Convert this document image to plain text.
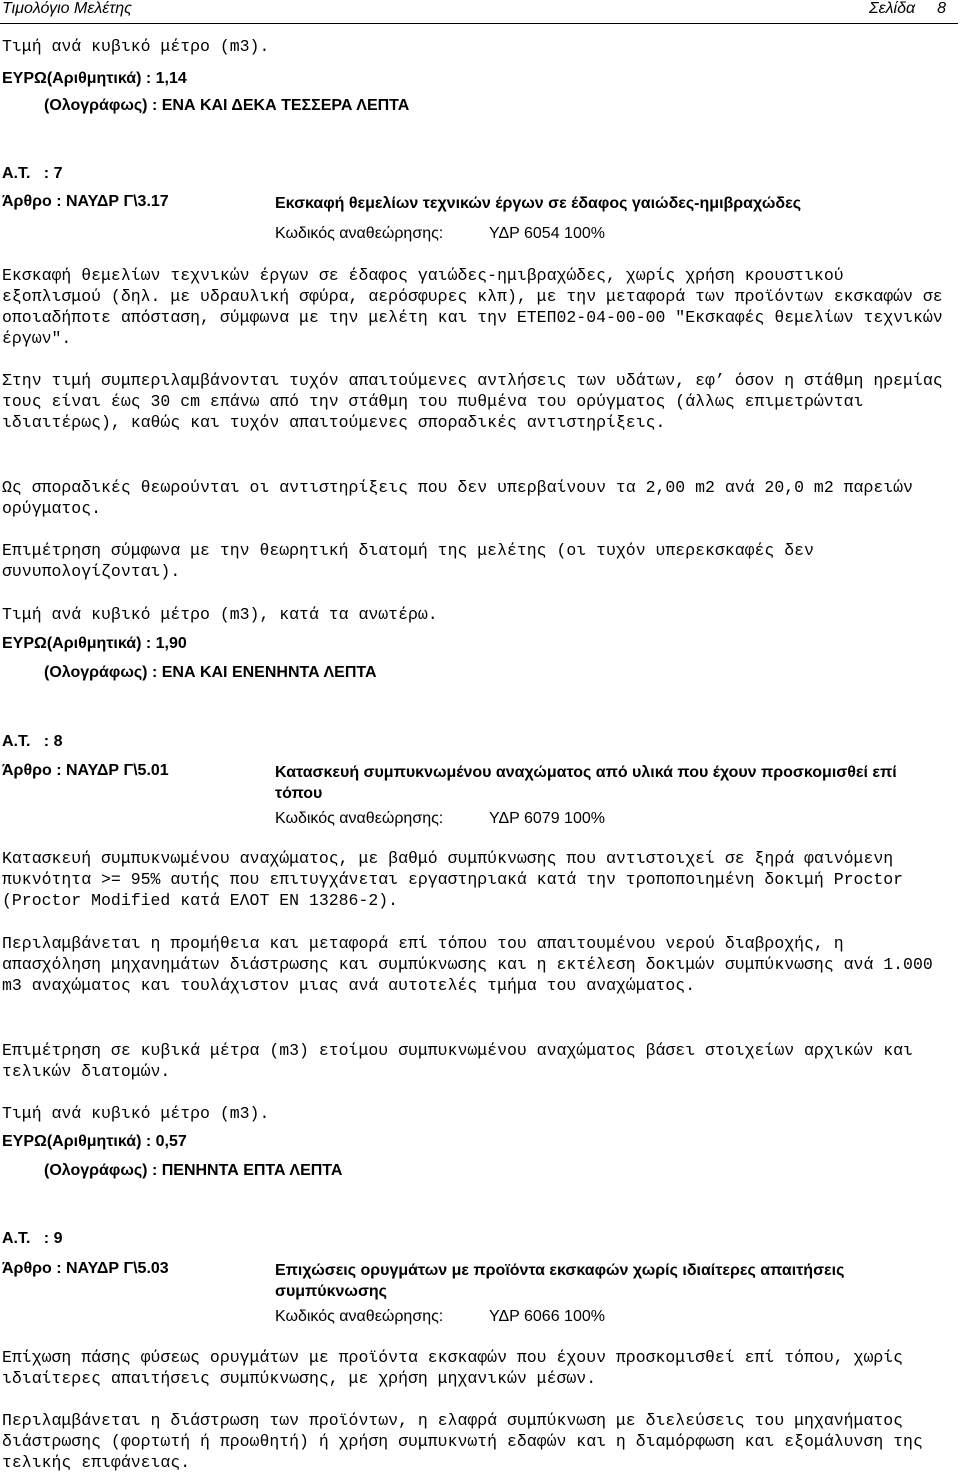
Τιμολόγιο Μελέτης	Σελίδα 8
Τιμή ανά κυβικό μέτρο (m3).
ΕΥΡΩ(Αριθμητικά) : 1,14
(Ολογράφως) : ΕΝΑ ΚΑΙ ΔΕΚΑ ΤΕΣΣΕΡΑ ΛΕΠΤΑ
Α.Τ.   : 7
Άρθρο : ΝΑΥΔΡ Γ\3.17	Εκσκαφή θεμελίων τεχνικών έργων σε έδαφος γαιώδες-ημιβραχώδες
Κωδικός αναθεώρησης:	ΥΔΡ 6054 100%
Εκσκαφή θεμελίων τεχνικών έργων σε έδαφος γαιώδες-ημιβραχώδες, χωρίς χρήση κρουστικού εξοπλισμού (δηλ. με υδραυλική σφύρα, αερόσφυρες κλπ), με την μεταφορά των προϊόντων εκσκαφών σε οποιαδήποτε απόσταση, σύμφωνα με την μελέτη και την ΕΤΕΠ02-04-00-00 "Εκσκαφές θεμελίων τεχνικών έργων".
Στην τιμή συμπεριλαμβάνονται τυχόν απαιτούμενες αντλήσεις των υδάτων, εφ’ όσον η στάθμη ηρεμίας τους είναι έως 30 cm επάνω από την στάθμη του πυθμένα του ορύγματος (άλλως επιμετρώνται ιδιαιτέρως), καθώς και τυχόν απαιτούμενες σποραδικές αντιστηρίξεις.
Ως σποραδικές θεωρούνται οι αντιστηρίξεις που δεν υπερβαίνουν τα 2,00 m2 ανά 20,0 m2 παρειών ορύγματος.
Επιμέτρηση σύμφωνα με την θεωρητική διατομή της μελέτης (οι τυχόν υπερεκσκαφές δεν συνυπολογίζονται).
Τιμή ανά κυβικό μέτρο (m3), κατά τα ανωτέρω.
ΕΥΡΩ(Αριθμητικά) : 1,90
(Ολογράφως) : ΕΝΑ ΚΑΙ ΕΝΕΝΗΝΤΑ ΛΕΠΤΑ
Α.Τ.   : 8
Άρθρο : ΝΑΥΔΡ Γ\5.01	Κατασκευή συμπυκνωμένου αναχώματος από υλικά που έχουν προσκομισθεί επί τόπου
Κωδικός αναθεώρησης:	ΥΔΡ 6079 100%
Κατασκευή συμπυκνωμένου αναχώματος, με βαθμό συμπύκνωσης που αντιστοιχεί σε ξηρά φαινόμενη πυκνότητα >= 95% αυτής που επιτυγχάνεται εργαστηριακά κατά την τροποποιημένη δοκιμή Proctor (Proctor Modified κατά ΕΛΟΤ ΕΝ 13286-2).
Περιλαμβάνεται η προμήθεια και μεταφορά επί τόπου του απαιτουμένου νερού διαβροχής, η απασχόληση μηχανημάτων διάστρωσης και συμπύκνωσης και η εκτέλεση δοκιμών συμπύκνωσης ανά 1.000 m3 αναχώματος και τουλάχιστον μιας ανά αυτοτελές τμήμα του αναχώματος.
Επιμέτρηση σε κυβικά μέτρα (m3) ετοίμου συμπυκνωμένου αναχώματος βάσει στοιχείων αρχικών και τελικών διατομών.
Τιμή ανά κυβικό μέτρο (m3).
ΕΥΡΩ(Αριθμητικά) : 0,57
(Ολογράφως) : ΠΕΝΗΝΤΑ ΕΠΤΑ ΛΕΠΤΑ
Α.Τ.   : 9
Άρθρο : ΝΑΥΔΡ Γ\5.03	Επιχώσεις ορυγμάτων με προϊόντα εκσκαφών χωρίς ιδιαίτερες απαιτήσεις συμπύκνωσης
Κωδικός αναθεώρησης:	ΥΔΡ 6066 100%
Επίχωση πάσης φύσεως ορυγμάτων με προϊόντα εκσκαφών που έχουν προσκομισθεί επί τόπου, χωρίς ιδιαίτερες απαιτήσεις συμπύκνωσης, με χρήση μηχανικών μέσων.
Περιλαμβάνεται η διάστρωση των προϊόντων, η ελαφρά συμπύκνωση με διελεύσεις του μηχανήματος διάστρωσης (φορτωτή ή προωθητή) ή χρήση συμπυκνωτή εδαφών και η διαμόρφωση και εξομάλυνση της τελικής επιφάνειας.
